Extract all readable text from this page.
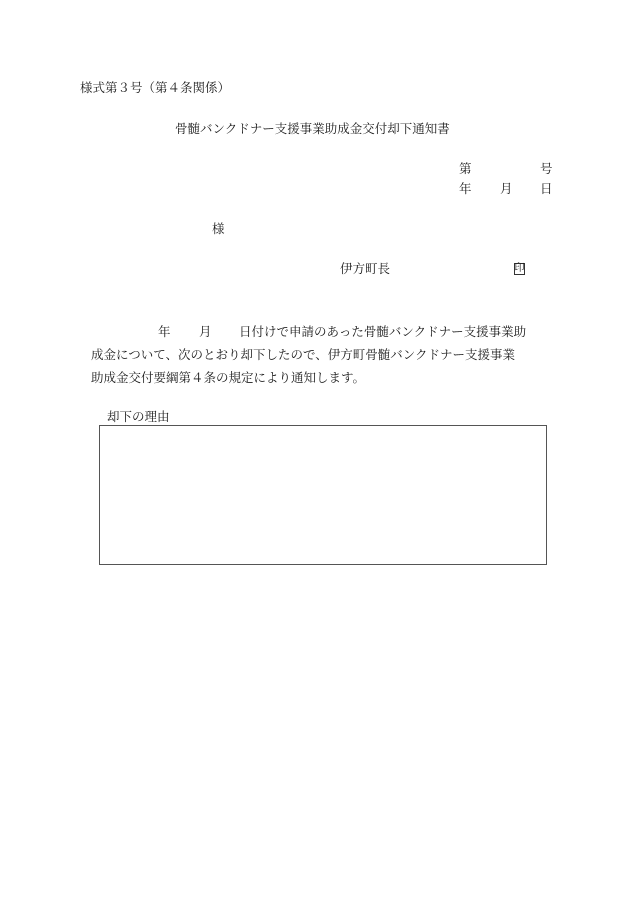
様式第３号（第４条関係）
骨髄バンクドナー支援事業助成金交付却下通知書
第	号
年 月 日
様
伊方町長	印
年 月 日付けで申請のあった骨髄バンクドナー支援事業助
成金について、次のとおり却下したので、伊方町骨髄バンクドナー支援事業
助成金交付要綱第４条の規定により通知します。
却下の理由
